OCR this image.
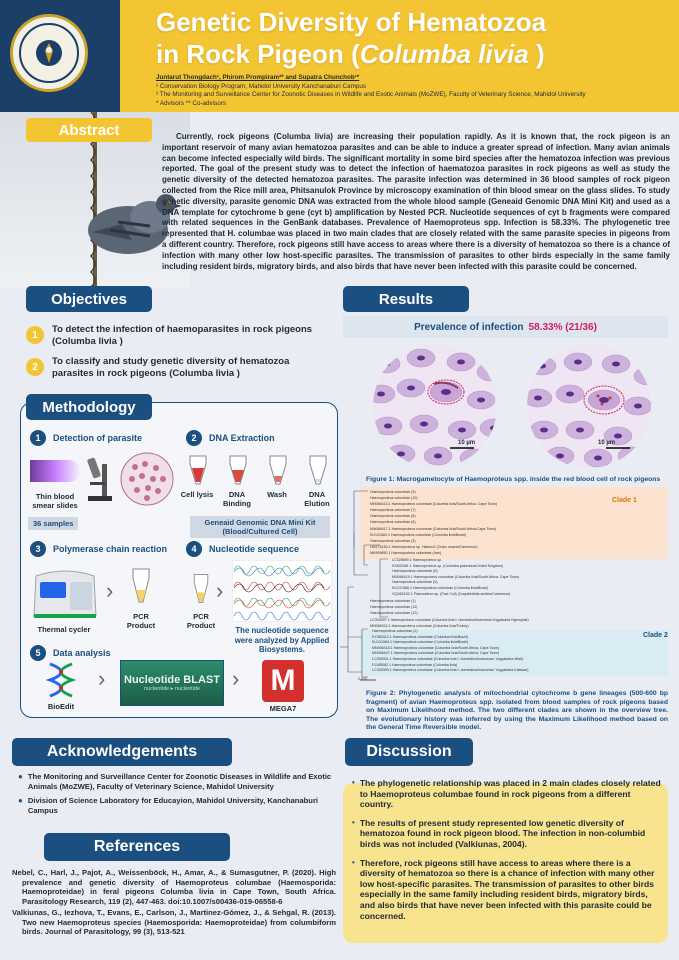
Genetic Diversity of Hematozoa
in Rock Pigeon (Columba livia )
Juntarut Thongdach¹, Phirom Prompiram²* and Supatra Chunchob¹*
¹ Conservation Biology Program, Mahidol University Kanchanaburi Campus
² The Monitoring and Surveillance Center for Zoonotic Diseases in Wildlife and Exotic Animals (MoZWE), Faculty of Veterinary Science, Mahidol University
* Advisors ** Co-advisors
Abstract	Currently, rock pigeons (Columba livia) are increasing their population rapidly. As it is known that, the rock pigeon is an important reservoir of many avian hematozoa parasites and can be able to induce a greater spread of infection. Many avian animals can become infected especially wild birds. The significant mortality in some bird species after the hematozoa infection was previous reported. The goal of the present study was to detect the infection of haematozoa parasites in rock pigeons as well as study the genetic diversity of the detected hematozoa parasites. The parasite infection was determined in 36 blood samples of rock pigeon collected from the Rice mill area, Phitsanulok Province by microscopy examination of thin blood smear on the glass slides. To study genetic diversity, parasite genomic DNA was extracted from the whole blood sample (Geneaid Genomic DNA Mini Kit) and used as a DNA template for cytochrome b gene (cyt b) amplification by Nested PCR. Nucleotide sequences of cyt b fragments were compared with related sequences in the GenBank databases. Prevalence of Haemoproteus spp. Infection is 58.33%. The phylogenetic tree represented that H. columbae was placed in two main clades that are closely related with the same parasite species in pigeons from a different country. Therefore, rock pigeons still have access to areas where there is a diversity of hematozoa so there is a chance of infection with many other low host-specific parasites. The transmission of parasites to other birds especially in the same family including resident birds, migratory birds, and also birds that have never been infected with this parasite could be concerned.

Objectives
1	To detect the infection of haemoparasites in rock pigeons (Columba livia )
2	To classify and study genetic diversity of hematozoa parasites in rock pigeons (Columba livia )
Methodology
1	Detection of parasite
Thin blood smear slides
36 samples
2	DNA Extraction
Cell lysis	DNA Binding
Wash	DNA Elution
Geneaid Genomic DNA Mini Kit (Blood/Cultured Cell)
3	Polymerase chain reaction
Thermal cycler
›
PCR Product
4	Nucleotide sequence
PCR Product
›
The nucleotide sequence were analyzed by Applied Biosystems.
5	Data analysis
BioEdit
› Nucleotide BLAST
nucleotide ▸ nucleotide › M
MEGA7
Results
Prevalence of infection 58.33% (21/36)
10 µm	10 µm
Figure 1: Macrogametocyte of Haemoproteus spp. inside the red blood cell of rock pigeons
Clade 1
Clade 2
0.020
Haemoproteus columbae (9)
Haemoproteus columbae (10)
MN066413.1 Haemoproteus columbae (Columba livia/South Africa: Cape Town)
Haemoproteus columbae (7)
Haemoproteus columbae (8)
Haemoproteus columbae (6)
MN066417.1 Haemoproteus columbae (Columba livia/South Africa:Cape Town)
KU131583.1 Haemoproteus columbae (Columba livia/Brazil)
Haemoproteus columbae (3)
HM175150.1 Haemoproteus sp. Haemo2 (Culex neavei/Cameroon)
MK909650.1 Haemoproteus columbae (Iran)
LC328669.1 Haemoproteus sp.
KX832081.1 Haemoproteus sp. (Columba palumbus/United Kingdom)
Haemoproteus columbae (6)
MN066419.1 Haemoproteus columbae (Columba livia/South Africa: Cape Town)
Haemoproteus columbae (5)
KU131586.1 Haemoproteus columbae (Columba livia/Brazil)
GQ450192.1 Plasmodium sp. (Pacl Culi) (Coquillettidia aurites/Cameroon)
Haemoproteus columbae (1)
Haemoproteus columbae (11)
Haemoproteus columbae (12)
LC393097.1 Haemoproteus columbae (Columba livia f. domestica/Indonesia:Yogyakarta Ngemplak)
MN066024.1 Haemoproteus columbae (Columba livia/Turkey)
Haemoproteus columbae (2)
KY983312.1 Haemoproteus columbae (Columba livia/Brazil)
KU131584.1 Haemoproteus columbae (Columba livia/Brazil)
MN066418.1 Haemoproteus columbae (Columba livia/South Africa: Cape Town)
MN066447.1 Haemoproteus columbae (Columba livia/South Africa: Cape Town)
LC393001.1 Haemoproteus columbae (Columba livia f. domestica/Indonesia: Yogyakarta Mlati)
FJ165082.1 Haemoproteus columbae (Columba livia)
LC393009.1 Haemoproteus columbae (Columba livia f. domestica/Indonesia: Yogyakarta Kalasan)
Figure 2: Phylogenetic analysis of mitochondrial cytochrome b gene lineages (500-600 bp fragment) of avian Haemoproteus spp. isolated from blood samples of rock pigeons based on Maximum Likelihood method. The two different clades are shown in the overview tree. The evolutionary history was inferred by using the Maximum Likelihood method based on the General Time Reversible model.
Acknowledgements
● The Monitoring and Surveillance Center for Zoonotic Diseases in Wildlife and Exotic Animals (MoZWE), Faculty of Veterinary Science, Mahidol University
● Division of Science Laboratory for Educayion, Mahidol University, Kanchanaburi Campus
References
Nebel, C., Harl, J., Pajot, A., Weissenböck, H., Amar, A., & Sumasgutner, P. (2020). High prevalence and genetic diversity of Haemoproteus columbae (Haemosporida: Haemoproteidae) in feral pigeons Columba livia in Cape Town, South Africa. Parasitology Research, 119 (2), 447-463. doi:10.1007/s00436-019-06558-6
Valkiunas, G., Iezhova, T., Evans, E., Carlson, J., Martinez-Gómez, J., & Sehgal, R. (2013). Two new Haemoproteus species (Haemosporida: Haemoproteidae) from columbiform birds. Journal of Parasitology, 99 (3), 513-521
Discussion
• The phylogenetic relationship was placed in 2 main clades closely related to Haemoproteus columbae found in rock pigeons from a different country.
• The results of present study represented low genetic diversity of hematozoa found in rock pigeon blood. The infection in non-columbid birds was not included (Valkiunas, 2004).
• Therefore, rock pigeons still have access to areas where there is a diversity of hematozoa so there is a chance of infection with many other low host-specific parasites. The transmission of parasites to other birds especially in the same family including resident birds, migratory birds, and also birds that have never been infected with this parasite could be concerned.
